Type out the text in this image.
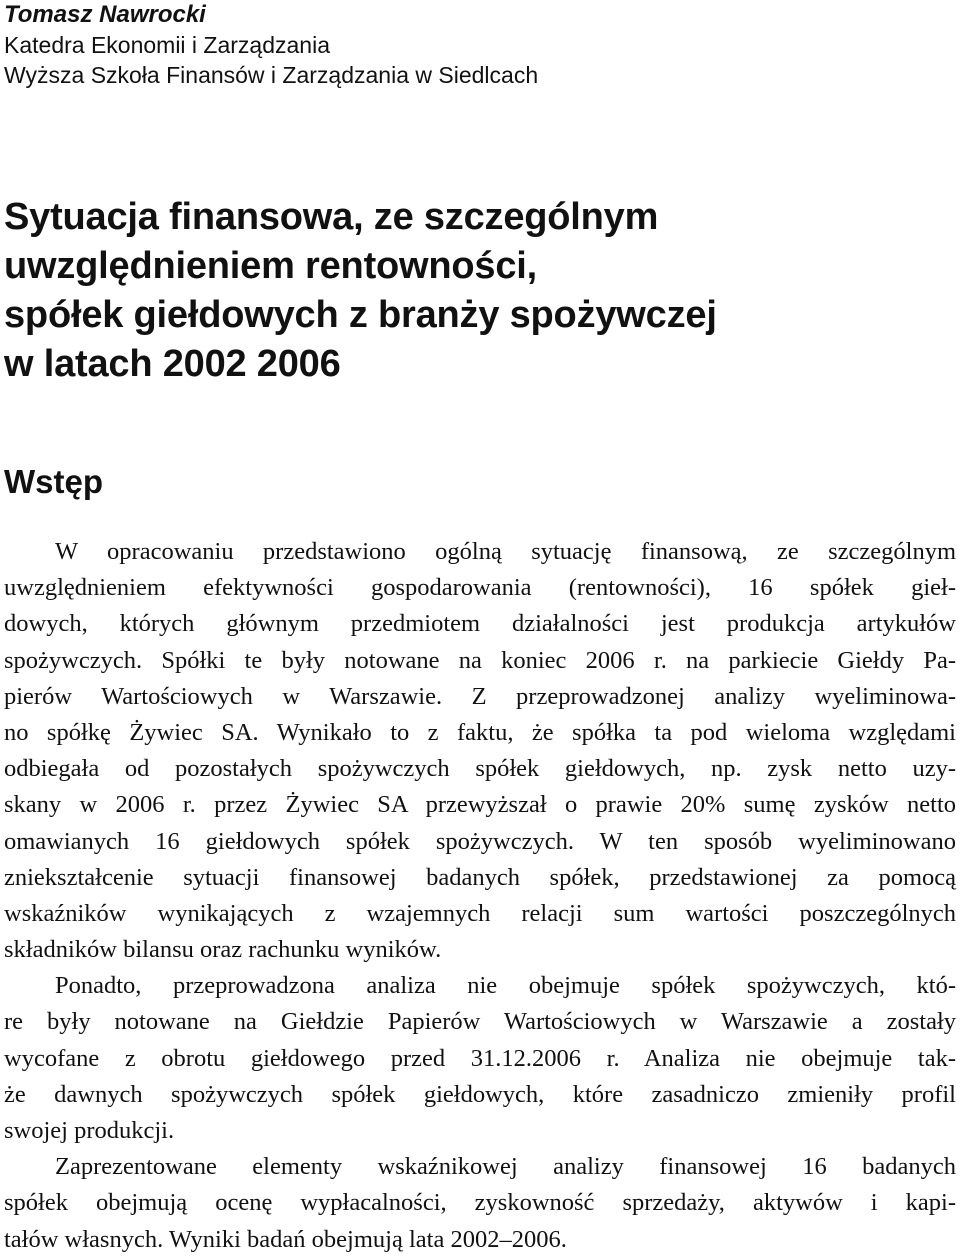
Tomasz Nawrocki
Katedra Ekonomii i Zarządzania
Wyższa Szkoła Finansów i Zarządzania w Siedlcach
Sytuacja finansowa, ze szczególnym
uwzględnieniem rentowności,
spółek giełdowych z branży spożywczej
w latach 2002 2006
Wstęp
W opracowaniu przedstawiono ogólną sytuację finansową, ze szczególnym
uwzględnieniem efektywności gospodarowania (rentowności), 16 spółek gieł-
dowych, których głównym przedmiotem działalności jest produkcja artykułów
spożywczych. Spółki te były notowane na koniec 2006 r. na parkiecie Giełdy Pa-
pierów Wartościowych w Warszawie. Z przeprowadzonej analizy wyeliminowa-
no spółkę Żywiec SA. Wynikało to z faktu, że spółka ta pod wieloma względami
odbiegała od pozostałych spożywczych spółek giełdowych, np. zysk netto uzy-
skany w 2006 r. przez Żywiec SA przewyższał o prawie 20% sumę zysków netto
omawianych 16 giełdowych spółek spożywczych. W ten sposób wyeliminowano
zniekształcenie sytuacji finansowej badanych spółek, przedstawionej za pomocą
wskaźników wynikających z wzajemnych relacji sum wartości poszczególnych
składników bilansu oraz rachunku wyników.
Ponadto, przeprowadzona analiza nie obejmuje spółek spożywczych, któ-
re były notowane na Giełdzie Papierów Wartościowych w Warszawie a zostały
wycofane z obrotu giełdowego przed 31.12.2006 r. Analiza nie obejmuje tak-
że dawnych spożywczych spółek giełdowych, które zasadniczo zmieniły profil
swojej produkcji.
Zaprezentowane elementy wskaźnikowej analizy finansowej 16 badanych
spółek obejmują ocenę wypłacalności, zyskowność sprzedaży, aktywów i kapi-
tałów własnych. Wyniki badań obejmują lata 2002–2006.
